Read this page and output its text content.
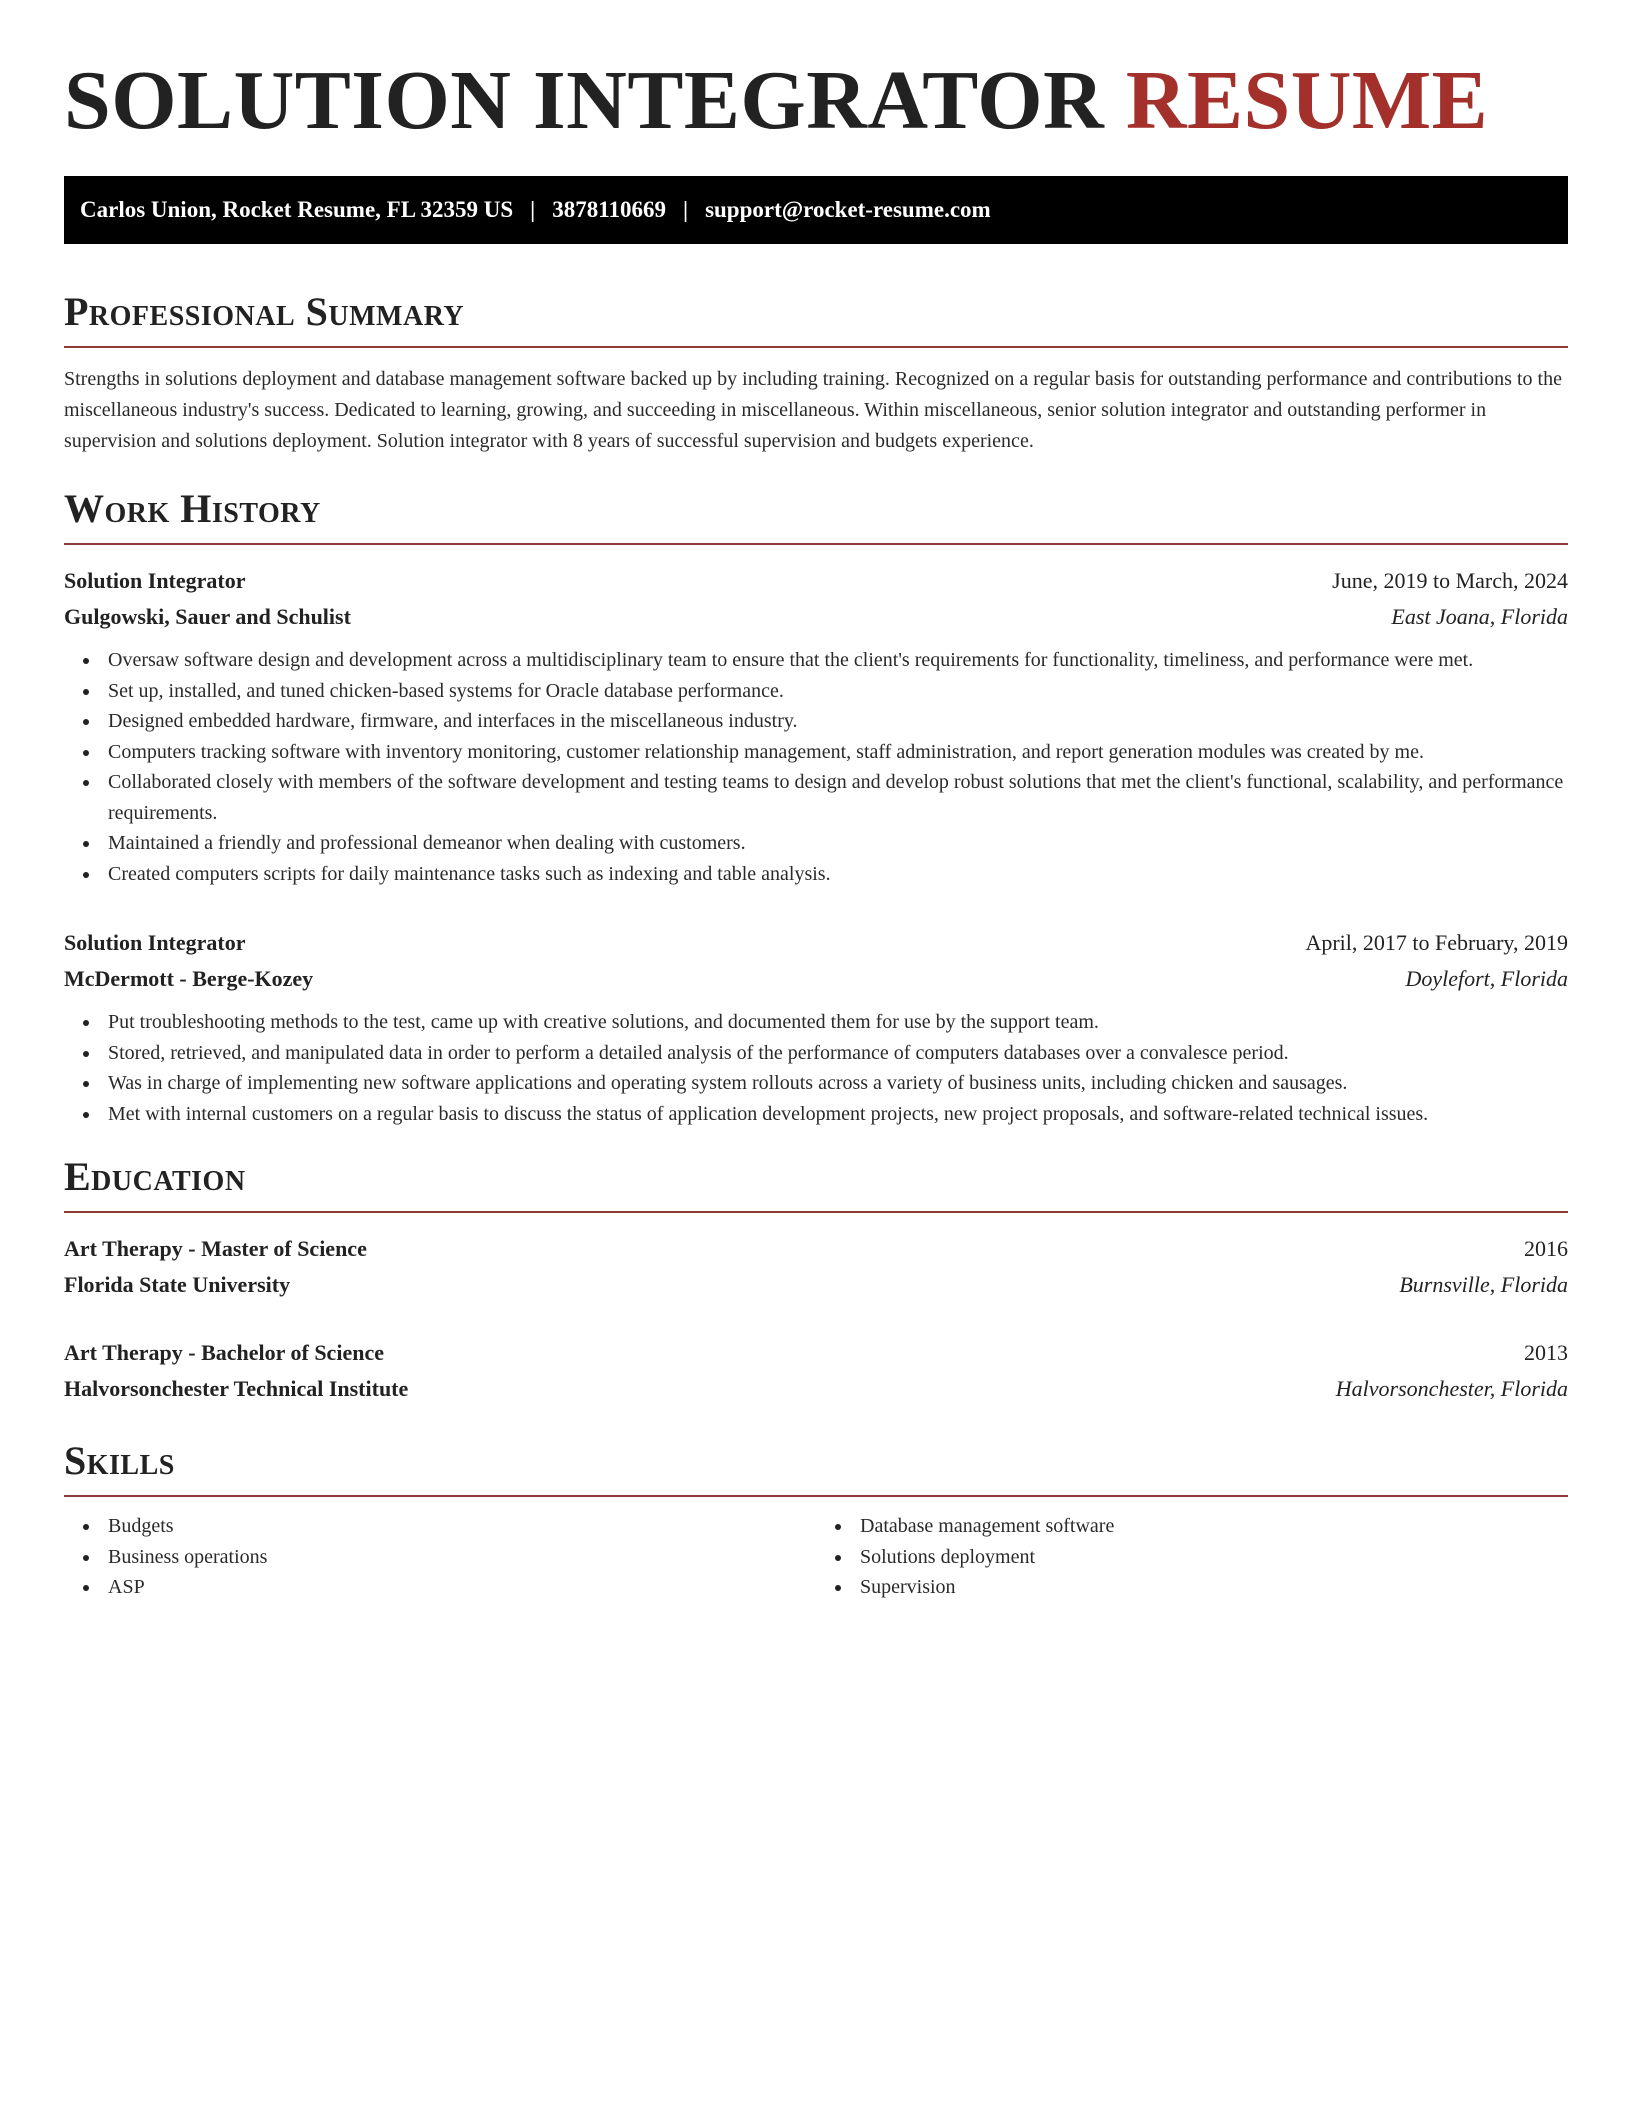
SOLUTION INTEGRATOR RESUME
Carlos Union, Rocket Resume, FL 32359 US | 3878110669 | support@rocket-resume.com
Professional Summary

Strengths in solutions deployment and database management software backed up by including training. Recognized on a regular basis for outstanding performance and contributions to the miscellaneous industry's success. Dedicated to learning, growing, and succeeding in miscellaneous. Within miscellaneous, senior solution integrator and outstanding performer in supervision and solutions deployment. Solution integrator with 8 years of successful supervision and budgets experience.

Work History
Solution Integrator	June, 2019 to March, 2024
Gulgowski, Sauer and Schulist	East Joana, Florida
Oversaw software design and development across a multidisciplinary team to ensure that the client's requirements for functionality, timeliness, and performance were met.
Set up, installed, and tuned chicken-based systems for Oracle database performance.
Designed embedded hardware, firmware, and interfaces in the miscellaneous industry.
Computers tracking software with inventory monitoring, customer relationship management, staff administration, and report generation modules was created by me.
Collaborated closely with members of the software development and testing teams to design and develop robust solutions that met the client's functional, scalability, and performance requirements.
Maintained a friendly and professional demeanor when dealing with customers.
Created computers scripts for daily maintenance tasks such as indexing and table analysis.
Solution Integrator	April, 2017 to February, 2019
McDermott - Berge-Kozey	Doylefort, Florida
Put troubleshooting methods to the test, came up with creative solutions, and documented them for use by the support team.
Stored, retrieved, and manipulated data in order to perform a detailed analysis of the performance of computers databases over a convalesce period.
Was in charge of implementing new software applications and operating system rollouts across a variety of business units, including chicken and sausages.
Met with internal customers on a regular basis to discuss the status of application development projects, new project proposals, and software-related technical issues.
Education
Art Therapy - Master of Science	2016
Florida State University	Burnsville, Florida
Art Therapy - Bachelor of Science	2013
Halvorsonchester Technical Institute	Halvorsonchester, Florida
Skills
Budgets
Business operations
ASP
Database management software
Solutions deployment
Supervision
